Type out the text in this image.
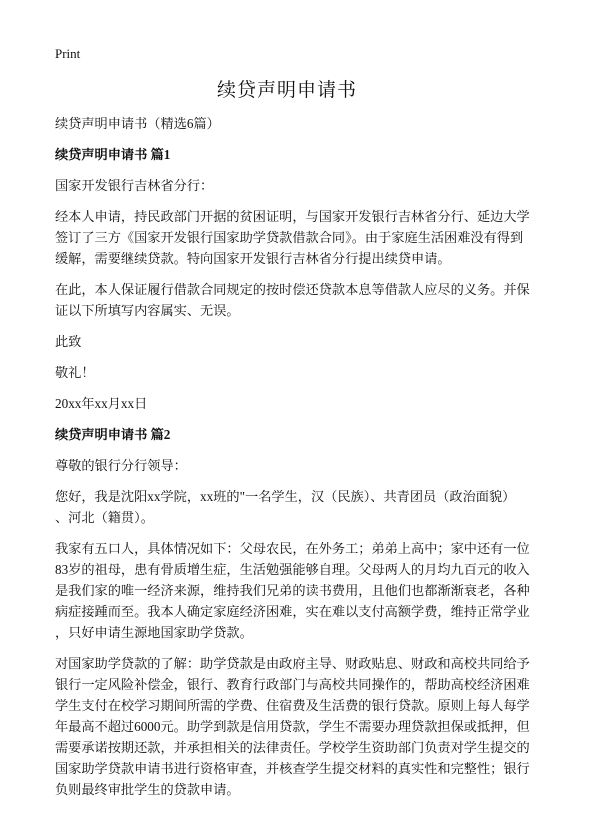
Print
续贷声明申请书
续贷声明申请书（精选6篇）
续贷声明申请书 篇1
国家开发银行吉林省分行：
经本人申请，持民政部门开据的贫困证明，与国家开发银行吉林省分行、延边大学
签订了三方《国家开发银行国家助学贷款借款合同》。由于家庭生活困难没有得到
缓解，需要继续贷款。特向国家开发银行吉林省分行提出续贷申请。
在此，本人保证履行借款合同规定的按时偿还贷款本息等借款人应尽的义务。并保
证以下所填写内容属实、无误。
此致
敬礼！
20xx年xx月xx日
续贷声明申请书 篇2
尊敬的银行分行领导：
您好，我是沈阳xx学院，xx班的"一名学生，汉（民族）、共青团员（政治面貌）
、河北（籍贯）。
我家有五口人，具体情况如下：父母农民，在外务工；弟弟上高中；家中还有一位
83岁的祖母，患有骨质增生症，生活勉强能够自理。父母两人的月均九百元的收入
是我们家的唯一经济来源，维持我们兄弟的读书费用，且他们也都渐渐衰老，各种
病症接踵而至。我本人确定家庭经济困难，实在难以支付高额学费，维持正常学业
，只好申请生源地国家助学贷款。
对国家助学贷款的了解：助学贷款是由政府主导、财政贴息、财政和高校共同给予
银行一定风险补偿金，银行、教育行政部门与高校共同操作的，帮助高校经济困难
学生支付在校学习期间所需的学费、住宿费及生活费的银行贷款。原则上每人每学
年最高不超过6000元。助学到款是信用贷款，学生不需要办理贷款担保或抵押，但
需要承诺按期还款，并承担相关的法律责任。学校学生资助部门负责对学生提交的
国家助学贷款申请书进行资格审查，并核查学生提交材料的真实性和完整性；银行
负则最终审批学生的贷款申请。
